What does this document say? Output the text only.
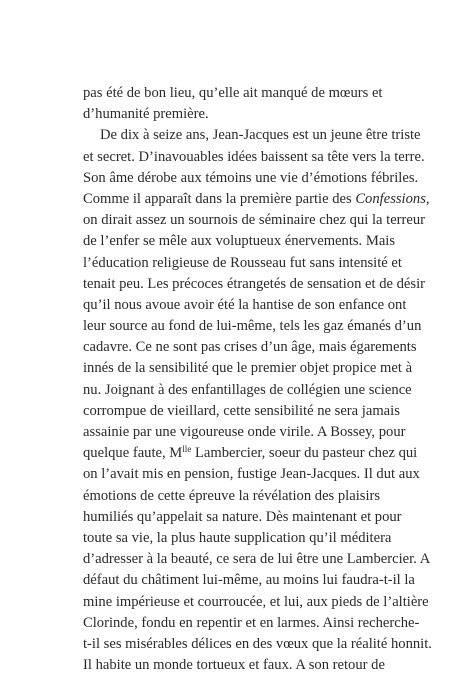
pas été de bon lieu, qu’elle ait manqué de mœurs et
d’humanité première.
De dix à seize ans, Jean-Jacques est un jeune être triste
et secret. D’inavouables idées baissent sa tête vers la terre.
Son âme dérobe aux témoins une vie d’émotions fébriles.
Comme il apparaît dans la première partie des Confessions,
on dirait assez un sournois de séminaire chez qui la terreur
de l’enfer se mêle aux voluptueux énervements. Mais
l’éducation religieuse de Rousseau fut sans intensité et
tenait peu. Les précoces étrangetés de sensation et de désir
qu’il nous avoue avoir été la hantise de son enfance ont
leur source au fond de lui-même, tels les gaz émanés d’un
cadavre. Ce ne sont pas crises d’un âge, mais égarements
innés de la sensibilité que le premier objet propice met à
nu. Joignant à des enfantillages de collégien une science
corrompue de vieillard, cette sensibilité ne sera jamais
assainie par une vigoureuse onde virile. A Bossey, pour
quelque faute, $M^{lle}$ Lambercier, soeur du pasteur chez qui
on l’avait mis en pension, fustige Jean-Jacques. Il dut aux
émotions de cette épreuve la révélation des plaisirs
humiliés qu’appelait sa nature. Dès maintenant et pour
toute sa vie, la plus haute supplication qu’il méditera
d’adresser à la beauté, ce sera de lui être une Lambercier. A
défaut du châtiment lui-même, au moins lui faudra-t-il la
mine impérieuse et courroucée, et lui, aux pieds de l’altière
Clorinde, fondu en repentir et en larmes. Ainsi recherche-
t-il ses misérables délices en des vœux que la réalité honnit.
Il habite un monde tortueux et faux. A son retour de
